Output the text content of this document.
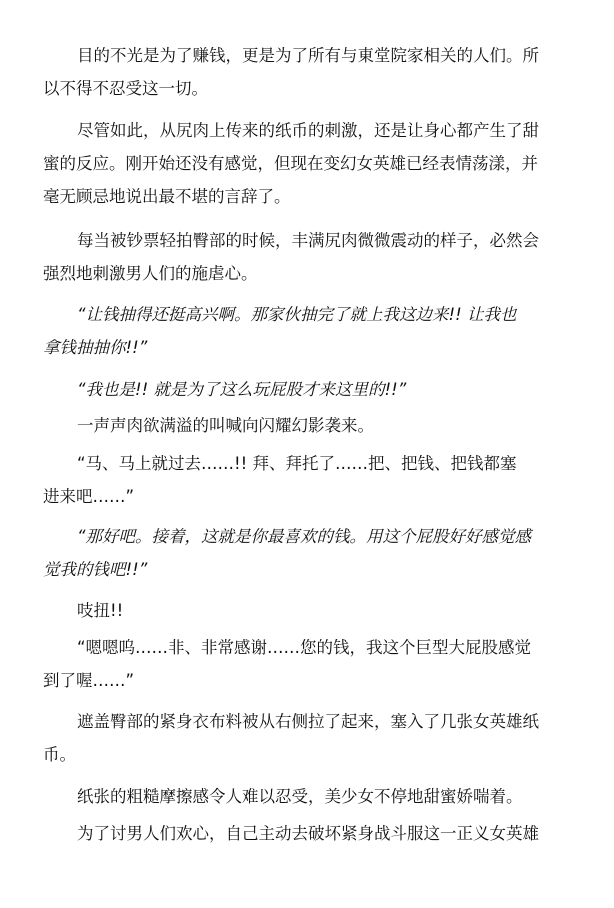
目的不光是为了赚钱，更是为了所有与東堂院家相关的人们。所
以不得不忍受这一切。
尽管如此，从尻肉上传来的纸币的刺激，还是让身心都产生了甜
蜜的反应。刚开始还没有感觉，但现在变幻女英雄已经表情荡漾，并
毫无顾忌地说出最不堪的言辞了。
每当被钞票轻拍臀部的时候，丰满尻肉微微震动的样子，必然会
强烈地刺激男人们的施虐心。
“让钱抽得还挺高兴啊。那家伙抽完了就上我这边来!! 让我也
拿钱抽抽你!!”
“我也是!! 就是为了这么玩屁股才来这里的!!”
一声声肉欲满溢的叫喊向闪耀幻影袭来。
“马、马上就过去……!! 拜、拜托了……把、把钱、把钱都塞
进来吧……”
“那好吧。接着，这就是你最喜欢的钱。用这个屁股好好感觉感
觉我的钱吧!!”
吱扭!!
“嗯嗯呜……非、非常感谢……您的钱，我这个巨型大屁股感觉
到了喔……”
遮盖臀部的紧身衣布料被从右侧拉了起来，塞入了几张女英雄纸
币。
纸张的粗糙摩擦感令人难以忍受，美少女不停地甜蜜娇喘着。
为了讨男人们欢心，自己主动去破坏紧身战斗服这一正义女英雄
